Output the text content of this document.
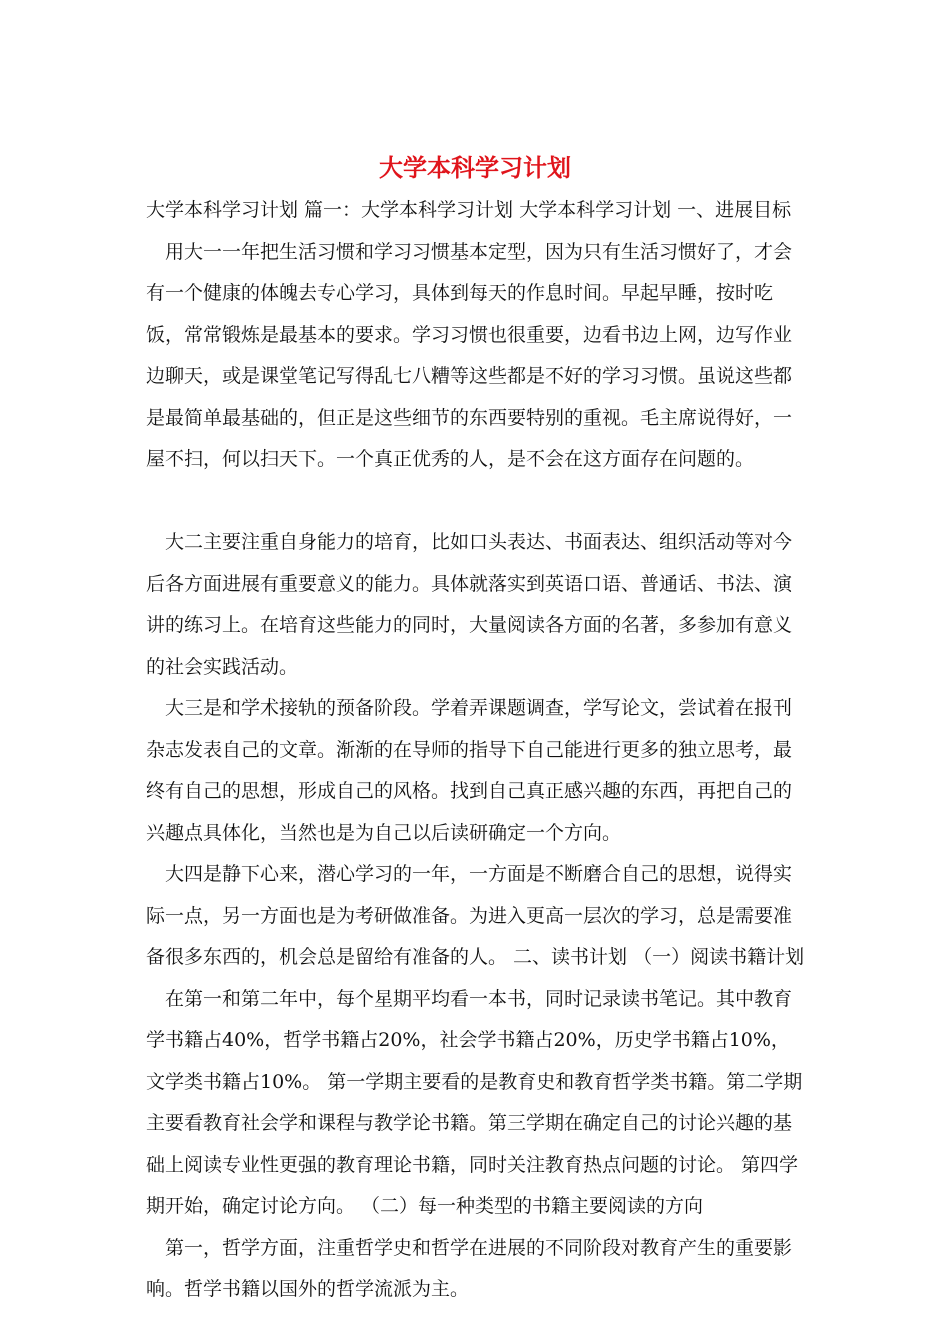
大学本科学习计划

大学本科学习计划 篇一：大学本科学习计划 大学本科学习计划 一、进展目标

用大一一年把生活习惯和学习习惯基本定型，因为只有生活习惯好了，才会有一个健康的体魄去专心学习，具体到每天的作息时间。早起早睡，按时吃饭，常常锻炼是最基本的要求。学习习惯也很重要，边看书边上网，边写作业边聊天，或是课堂笔记写得乱七八糟等这些都是不好的学习习惯。虽说这些都是最简单最基础的，但正是这些细节的东西要特别的重视。毛主席说得好，一屋不扫，何以扫天下。一个真正优秀的人，是不会在这方面存在问题的。

大二主要注重自身能力的培育，比如口头表达、书面表达、组织活动等对今后各方面进展有重要意义的能力。具体就落实到英语口语、普通话、书法、演讲的练习上。在培育这些能力的同时，大量阅读各方面的名著，多参加有意义的社会实践活动。

大三是和学术接轨的预备阶段。学着弄课题调查，学写论文，尝试着在报刊杂志发表自己的文章。渐渐的在导师的指导下自己能进行更多的独立思考，最终有自己的思想，形成自己的风格。找到自己真正感兴趣的东西，再把自己的兴趣点具体化，当然也是为自己以后读研确定一个方向。

大四是静下心来，潜心学习的一年，一方面是不断磨合自己的思想，说得实际一点，另一方面也是为考研做准备。为进入更高一层次的学习，总是需要准备很多东西的，机会总是留给有准备的人。 二、读书计划 （一）阅读书籍计划

在第一和第二年中，每个星期平均看一本书，同时记录读书笔记。其中教育学书籍占40%，哲学书籍占20%，社会学书籍占20%，历史学书籍占10%，文学类书籍占10%。 第一学期主要看的是教育史和教育哲学类书籍。第二学期主要看教育社会学和课程与教学论书籍。第三学期在确定自己的讨论兴趣的基础上阅读专业性更强的教育理论书籍，同时关注教育热点问题的讨论。 第四学期开始，确定讨论方向。 （二）每一种类型的书籍主要阅读的方向

第一，哲学方面，注重哲学史和哲学在进展的不同阶段对教育产生的重要影响。哲学书籍以国外的哲学流派为主。
